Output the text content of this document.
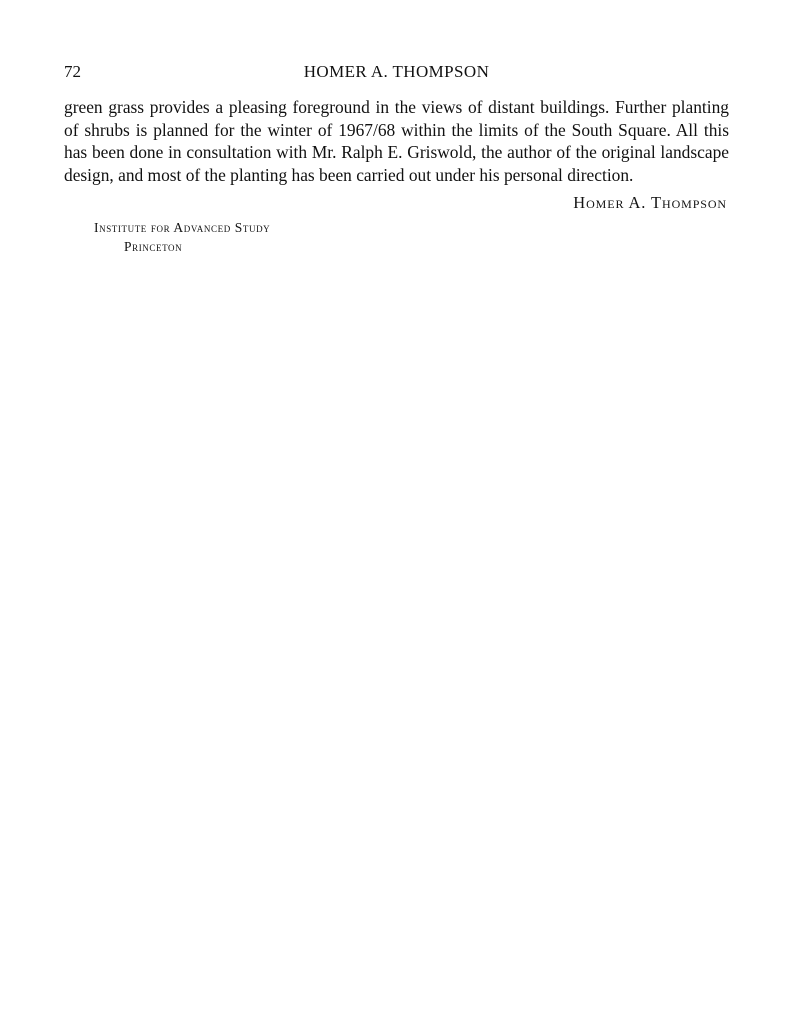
72	HOMER A. THOMPSON

green grass provides a pleasing foreground in the views of distant buildings. Further planting of shrubs is planned for the winter of 1967/68 within the limits of the South Square. All this has been done in consultation with Mr. Ralph E. Griswold, the author of the original landscape design, and most of the planting has been carried out under his personal direction.

Homer A. Thompson
Institute for Advanced Study
Princeton
